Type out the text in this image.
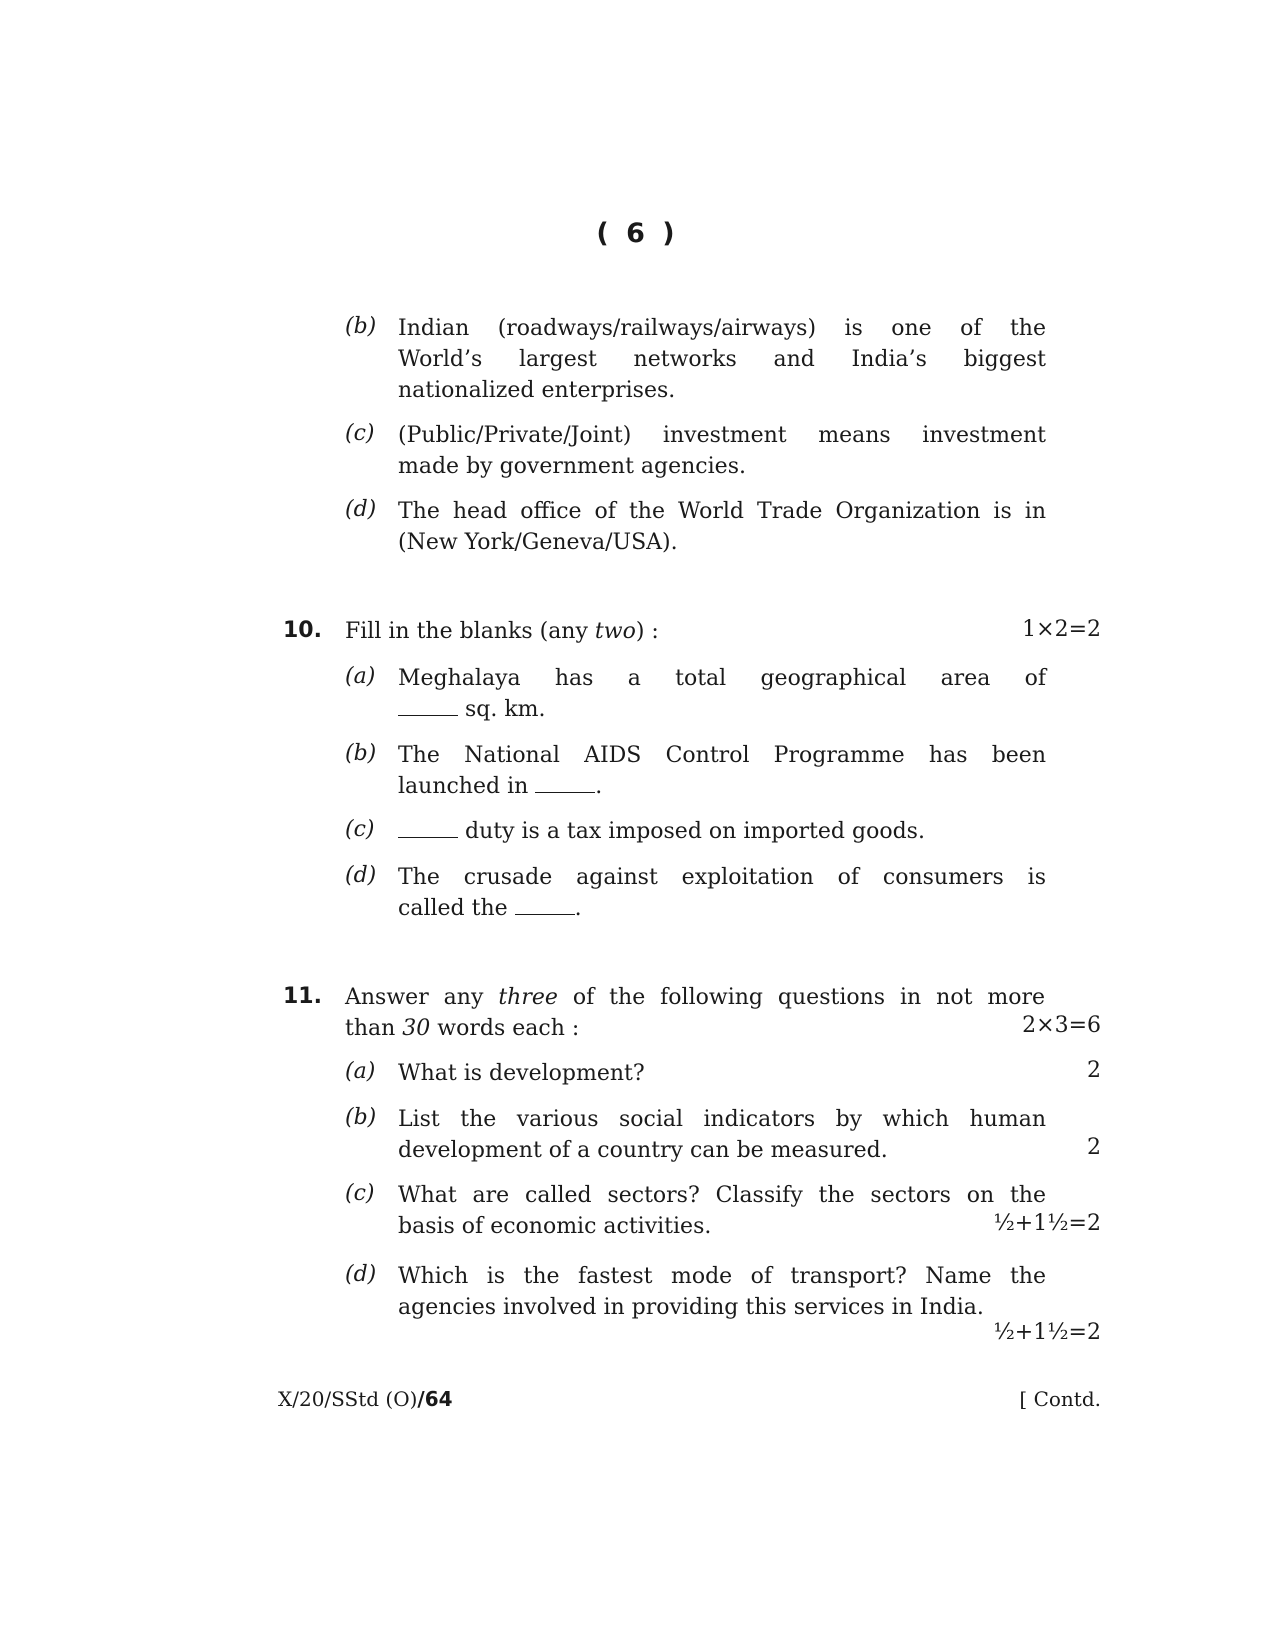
( 6 )
(b) Indian (roadways/railways/airways) is one of the
World’s largest networks and India’s biggest
nationalized enterprises.
(c) (Public/Private/Joint) investment means investment
made by government agencies.
(d) The head office of the World Trade Organization is in
(New York/Geneva/USA).
10. Fill in the blanks (any two) :	1×2=2
(a) Meghalaya has a total geographical area of
sq. km.
(b) The National AIDS Control Programme has been
launched in	.
(c)	duty is a tax imposed on imported goods.
(d) The crusade against exploitation of consumers is
called the	.
11. Answer any three of the following questions in not more
than 30 words each :	2×3=6
(a) What is development?	2
(b) List the various social indicators by which human
development of a country can be measured.	2
(c) What are called sectors? Classify the sectors on the
basis of economic activities.	½+1½=2
(d) Which is the fastest mode of transport? Name the
agencies involved in providing this services in India.
½+1½=2
X/20/SStd (O)/64	[ Contd.
